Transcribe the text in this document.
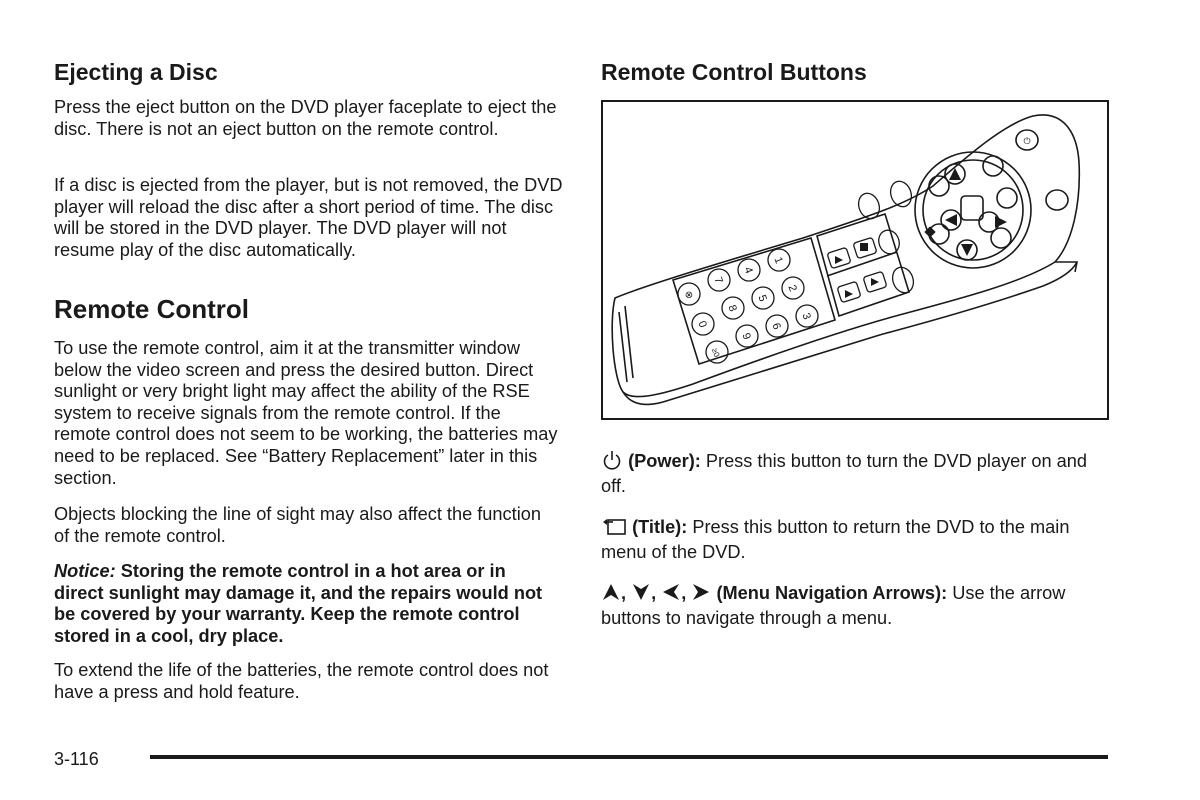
Ejecting a Disc

Press the eject button on the DVD player faceplate to eject the disc. There is not an eject button on the remote control.

If a disc is ejected from the player, but is not removed, the DVD player will reload the disc after a short period of time. The disc will be stored in the DVD player. The DVD player will not resume play of the disc automatically.

Remote Control

To use the remote control, aim it at the transmitter window below the video screen and press the desired button. Direct sunlight or very bright light may affect the ability of the RSE system to receive signals from the remote control. If the remote control does not seem to be working, the batteries may need to be replaced. See “Battery Replacement” later in this section.

Objects blocking the line of sight may also affect the function of the remote control.

Notice: Storing the remote control in a hot area or in direct sunlight may damage it, and the repairs would not be covered by your warranty. Keep the remote control stored in a cool, dry place.

To extend the life of the batteries, the remote control does not have a press and hold feature.

Remote Control Buttons
1
2
3
4
5
6
7
8
9
0
≥0
⊗
⏻

(Power): Press this button to turn the DVD player on and off.

(Title): Press this button to return the DVD to the main menu of the DVD.

, , , (Menu Navigation Arrows): Use the arrow buttons to navigate through a menu.

3-116
